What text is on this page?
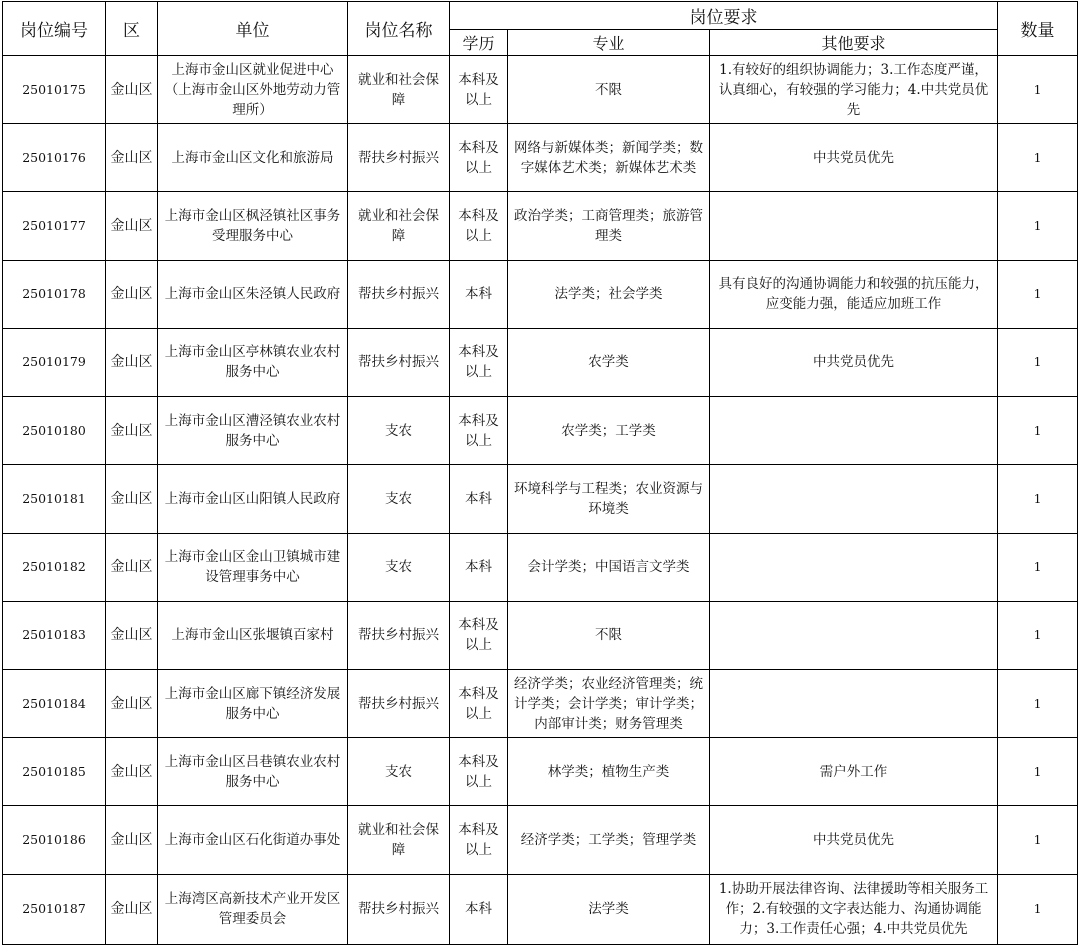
岗位编号	区	单位	岗位名称	岗位要求			数量
				学历	专业	其他要求	
25010175	金山区	上海市金山区就业促进中心（上海市金山区外地劳动力管理所）	就业和社会保障	本科及以上	不限	1.有较好的组织协调能力；3.工作态度严谨，认真细心，有较强的学习能力；4.中共党员优先	1
25010176	金山区	上海市金山区文化和旅游局	帮扶乡村振兴	本科及以上	网络与新媒体类；新闻学类；数字媒体艺术类；新媒体艺术类	中共党员优先	1
25010177	金山区	上海市金山区枫泾镇社区事务受理服务中心	就业和社会保障	本科及以上	政治学类；工商管理类；旅游管理类		1
25010178	金山区	上海市金山区朱泾镇人民政府	帮扶乡村振兴	本科	法学类；社会学类	具有良好的沟通协调能力和较强的抗压能力，应变能力强，能适应加班工作	1
25010179	金山区	上海市金山区亭林镇农业农村服务中心	帮扶乡村振兴	本科及以上	农学类	中共党员优先	1
25010180	金山区	上海市金山区漕泾镇农业农村服务中心	支农	本科及以上	农学类；工学类		1
25010181	金山区	上海市金山区山阳镇人民政府	支农	本科	环境科学与工程类；农业资源与环境类		1
25010182	金山区	上海市金山区金山卫镇城市建设管理事务中心	支农	本科	会计学类；中国语言文学类		1
25010183	金山区	上海市金山区张堰镇百家村	帮扶乡村振兴	本科及以上	不限		1
25010184	金山区	上海市金山区廊下镇经济发展服务中心	帮扶乡村振兴	本科及以上	经济学类；农业经济管理类；统计学类；会计学类；审计学类；内部审计类；财务管理类		1
25010185	金山区	上海市金山区吕巷镇农业农村服务中心	支农	本科及以上	林学类；植物生产类	需户外工作	1
25010186	金山区	上海市金山区石化街道办事处	就业和社会保障	本科及以上	经济学类；工学类；管理学类	中共党员优先	1
25010187	金山区	上海湾区高新技术产业开发区管理委员会	帮扶乡村振兴	本科	法学类	1.协助开展法律咨询、法律援助等相关服务工作；2.有较强的文字表达能力、沟通协调能力；3.工作责任心强；4.中共党员优先	1
